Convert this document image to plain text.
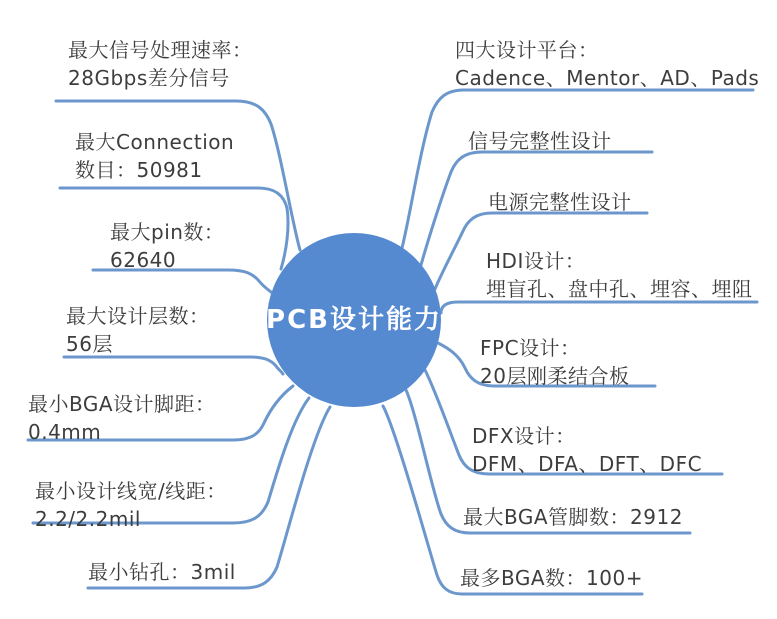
PCB设计能力
最大信号处理速率：
28Gbps差分信号
最大Connection
数目：50981
最大pin数：
62640
最大设计层数：
56层
最小BGA设计脚距：
0.4mm
最小设计线宽/线距：
2.2/2.2mil
最小钻孔：3mil
四大设计平台：
Cadence、Mentor、AD、Pads
信号完整性设计
电源完整性设计
HDI设计：
埋盲孔、盘中孔、埋容、埋阻
FPC设计：
20层刚柔结合板
DFX设计：
DFM、DFA、DFT、DFC
最大BGA管脚数：2912
最多BGA数：100+
